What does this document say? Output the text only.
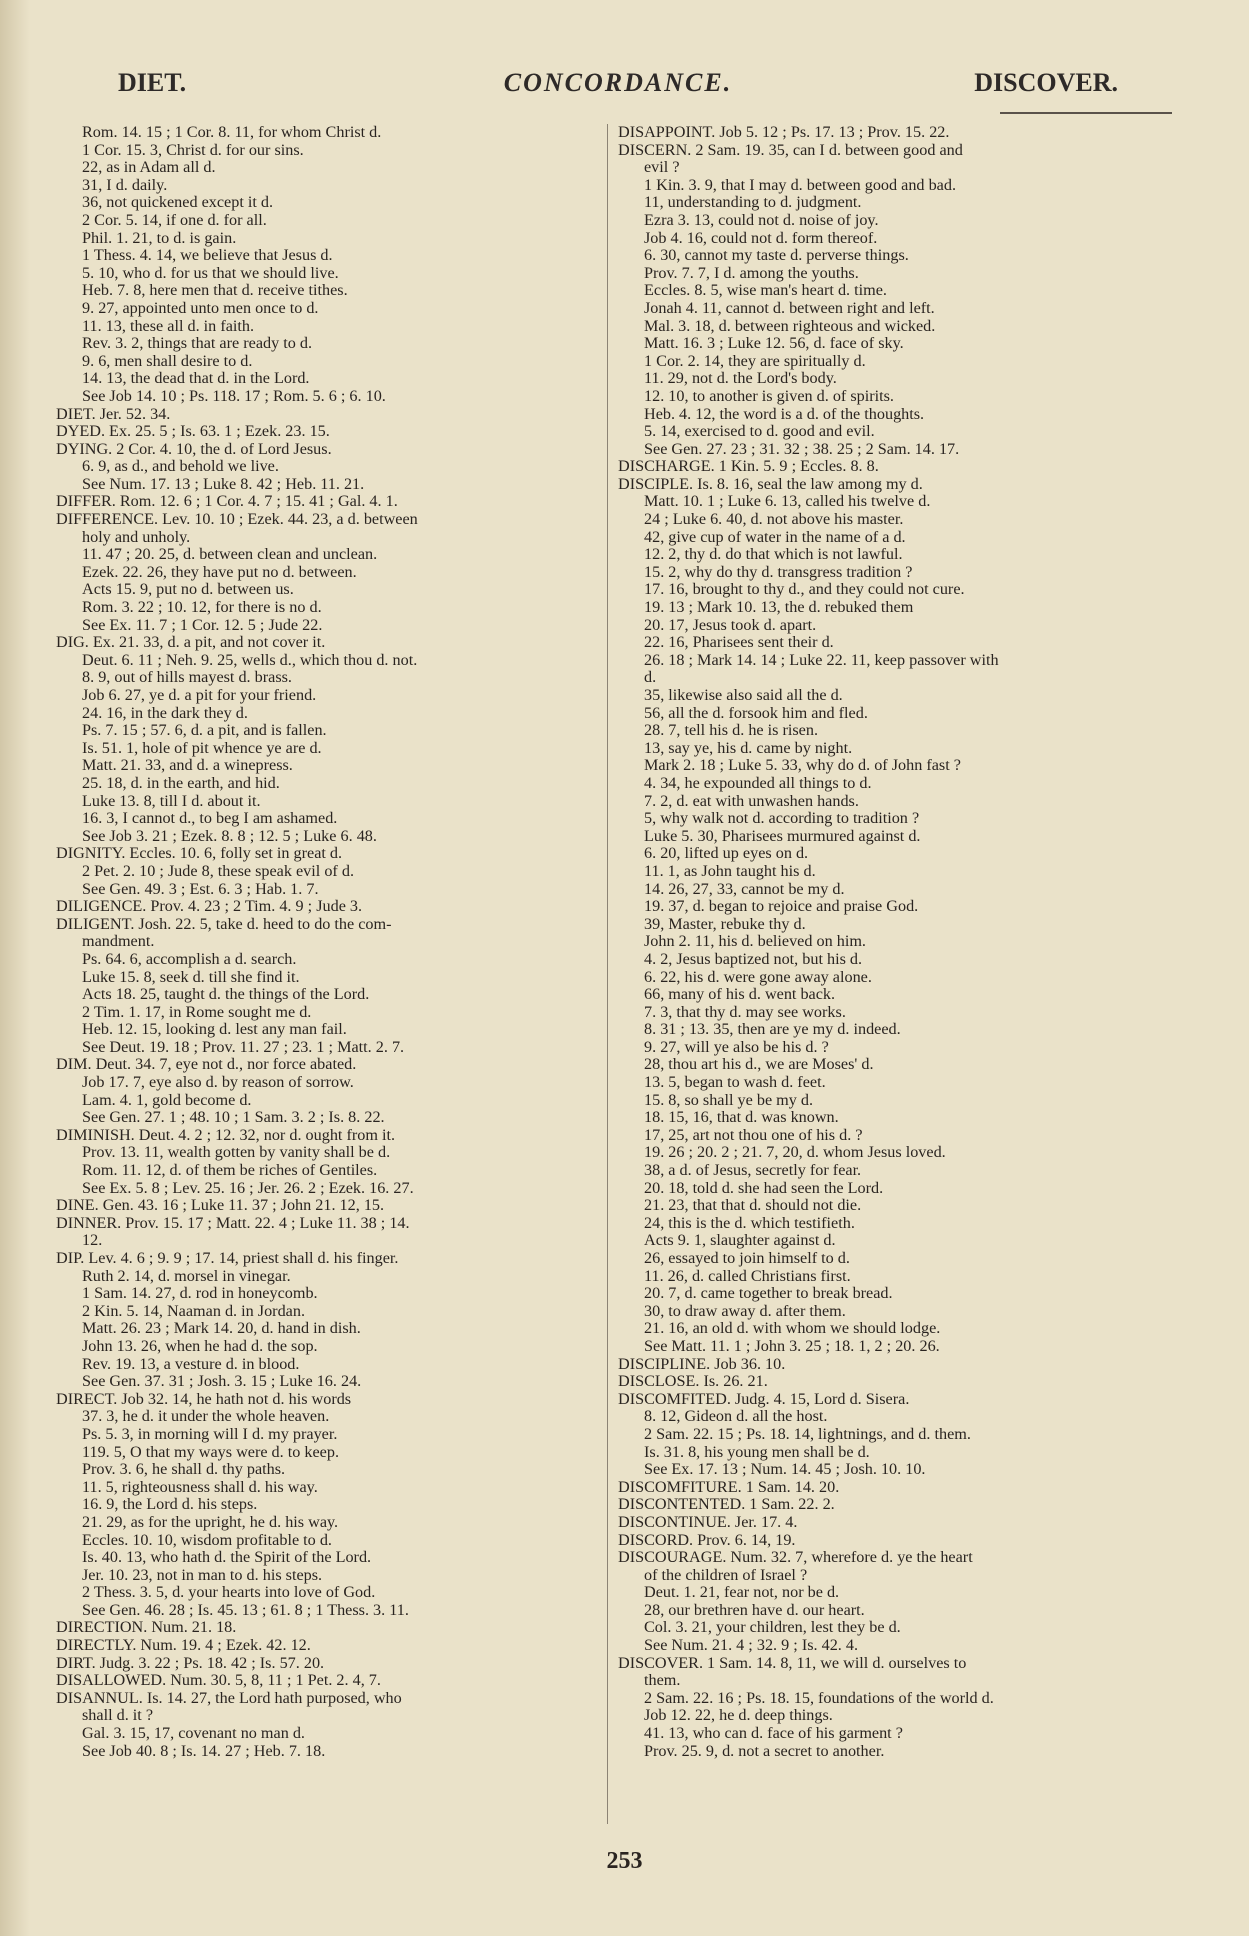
DIET.	CONCORDANCE.	DISCOVER.
Rom. 14. 15 ; 1 Cor. 8. 11, for whom Christ d.
1 Cor. 15. 3, Christ d. for our sins.
22, as in Adam all d.
31, I d. daily.
36, not quickened except it d.
2 Cor. 5. 14, if one d. for all.
Phil. 1. 21, to d. is gain.
1 Thess. 4. 14, we believe that Jesus d.
5. 10, who d. for us that we should live.
Heb. 7. 8, here men that d. receive tithes.
9. 27, appointed unto men once to d.
11. 13, these all d. in faith.
Rev. 3. 2, things that are ready to d.
9. 6, men shall desire to d.
14. 13, the dead that d. in the Lord.
See Job 14. 10 ; Ps. 118. 17 ; Rom. 5. 6 ; 6. 10.
DIET. Jer. 52. 34.
DYED. Ex. 25. 5 ; Is. 63. 1 ; Ezek. 23. 15.
DYING. 2 Cor. 4. 10, the d. of Lord Jesus.
6. 9, as d., and behold we live.
See Num. 17. 13 ; Luke 8. 42 ; Heb. 11. 21.
DIFFER. Rom. 12. 6 ; 1 Cor. 4. 7 ; 15. 41 ; Gal. 4. 1.
DIFFERENCE. Lev. 10. 10 ; Ezek. 44. 23, a d. between
holy and unholy.
11. 47 ; 20. 25, d. between clean and unclean.
Ezek. 22. 26, they have put no d. between.
Acts 15. 9, put no d. between us.
Rom. 3. 22 ; 10. 12, for there is no d.
See Ex. 11. 7 ; 1 Cor. 12. 5 ; Jude 22.
DIG. Ex. 21. 33, d. a pit, and not cover it.
Deut. 6. 11 ; Neh. 9. 25, wells d., which thou d. not.
8. 9, out of hills mayest d. brass.
Job 6. 27, ye d. a pit for your friend.
24. 16, in the dark they d.
Ps. 7. 15 ; 57. 6, d. a pit, and is fallen.
Is. 51. 1, hole of pit whence ye are d.
Matt. 21. 33, and d. a winepress.
25. 18, d. in the earth, and hid.
Luke 13. 8, till I d. about it.
16. 3, I cannot d., to beg I am ashamed.
See Job 3. 21 ; Ezek. 8. 8 ; 12. 5 ; Luke 6. 48.
DIGNITY. Eccles. 10. 6, folly set in great d.
2 Pet. 2. 10 ; Jude 8, these speak evil of d.
See Gen. 49. 3 ; Est. 6. 3 ; Hab. 1. 7.
DILIGENCE. Prov. 4. 23 ; 2 Tim. 4. 9 ; Jude 3.
DILIGENT. Josh. 22. 5, take d. heed to do the com-
mandment.
Ps. 64. 6, accomplish a d. search.
Luke 15. 8, seek d. till she find it.
Acts 18. 25, taught d. the things of the Lord.
2 Tim. 1. 17, in Rome sought me d.
Heb. 12. 15, looking d. lest any man fail.
See Deut. 19. 18 ; Prov. 11. 27 ; 23. 1 ; Matt. 2. 7.
DIM. Deut. 34. 7, eye not d., nor force abated.
Job 17. 7, eye also d. by reason of sorrow.
Lam. 4. 1, gold become d.
See Gen. 27. 1 ; 48. 10 ; 1 Sam. 3. 2 ; Is. 8. 22.
DIMINISH. Deut. 4. 2 ; 12. 32, nor d. ought from it.
Prov. 13. 11, wealth gotten by vanity shall be d.
Rom. 11. 12, d. of them be riches of Gentiles.
See Ex. 5. 8 ; Lev. 25. 16 ; Jer. 26. 2 ; Ezek. 16. 27.
DINE. Gen. 43. 16 ; Luke 11. 37 ; John 21. 12, 15.
DINNER. Prov. 15. 17 ; Matt. 22. 4 ; Luke 11. 38 ; 14.
12.
DIP. Lev. 4. 6 ; 9. 9 ; 17. 14, priest shall d. his finger.
Ruth 2. 14, d. morsel in vinegar.
1 Sam. 14. 27, d. rod in honeycomb.
2 Kin. 5. 14, Naaman d. in Jordan.
Matt. 26. 23 ; Mark 14. 20, d. hand in dish.
John 13. 26, when he had d. the sop.
Rev. 19. 13, a vesture d. in blood.
See Gen. 37. 31 ; Josh. 3. 15 ; Luke 16. 24.
DIRECT. Job 32. 14, he hath not d. his words
37. 3, he d. it under the whole heaven.
Ps. 5. 3, in morning will I d. my prayer.
119. 5, O that my ways were d. to keep.
Prov. 3. 6, he shall d. thy paths.
11. 5, righteousness shall d. his way.
16. 9, the Lord d. his steps.
21. 29, as for the upright, he d. his way.
Eccles. 10. 10, wisdom profitable to d.
Is. 40. 13, who hath d. the Spirit of the Lord.
Jer. 10. 23, not in man to d. his steps.
2 Thess. 3. 5, d. your hearts into love of God.
See Gen. 46. 28 ; Is. 45. 13 ; 61. 8 ; 1 Thess. 3. 11.
DIRECTION. Num. 21. 18.
DIRECTLY. Num. 19. 4 ; Ezek. 42. 12.
DIRT. Judg. 3. 22 ; Ps. 18. 42 ; Is. 57. 20.
DISALLOWED. Num. 30. 5, 8, 11 ; 1 Pet. 2. 4, 7.
DISANNUL. Is. 14. 27, the Lord hath purposed, who
shall d. it ?
Gal. 3. 15, 17, covenant no man d.
See Job 40. 8 ; Is. 14. 27 ; Heb. 7. 18.
DISAPPOINT. Job 5. 12 ; Ps. 17. 13 ; Prov. 15. 22.
DISCERN. 2 Sam. 19. 35, can I d. between good and
evil ?
1 Kin. 3. 9, that I may d. between good and bad.
11, understanding to d. judgment.
Ezra 3. 13, could not d. noise of joy.
Job 4. 16, could not d. form thereof.
6. 30, cannot my taste d. perverse things.
Prov. 7. 7, I d. among the youths.
Eccles. 8. 5, wise man's heart d. time.
Jonah 4. 11, cannot d. between right and left.
Mal. 3. 18, d. between righteous and wicked.
Matt. 16. 3 ; Luke 12. 56, d. face of sky.
1 Cor. 2. 14, they are spiritually d.
11. 29, not d. the Lord's body.
12. 10, to another is given d. of spirits.
Heb. 4. 12, the word is a d. of the thoughts.
5. 14, exercised to d. good and evil.
See Gen. 27. 23 ; 31. 32 ; 38. 25 ; 2 Sam. 14. 17.
DISCHARGE. 1 Kin. 5. 9 ; Eccles. 8. 8.
DISCIPLE. Is. 8. 16, seal the law among my d.
Matt. 10. 1 ; Luke 6. 13, called his twelve d.
24 ; Luke 6. 40, d. not above his master.
42, give cup of water in the name of a d.
12. 2, thy d. do that which is not lawful.
15. 2, why do thy d. transgress tradition ?
17. 16, brought to thy d., and they could not cure.
19. 13 ; Mark 10. 13, the d. rebuked them
20. 17, Jesus took d. apart.
22. 16, Pharisees sent their d.
26. 18 ; Mark 14. 14 ; Luke 22. 11, keep passover with
d.
35, likewise also said all the d.
56, all the d. forsook him and fled.
28. 7, tell his d. he is risen.
13, say ye, his d. came by night.
Mark 2. 18 ; Luke 5. 33, why do d. of John fast ?
4. 34, he expounded all things to d.
7. 2, d. eat with unwashen hands.
5, why walk not d. according to tradition ?
Luke 5. 30, Pharisees murmured against d.
6. 20, lifted up eyes on d.
11. 1, as John taught his d.
14. 26, 27, 33, cannot be my d.
19. 37, d. began to rejoice and praise God.
39, Master, rebuke thy d.
John 2. 11, his d. believed on him.
4. 2, Jesus baptized not, but his d.
6. 22, his d. were gone away alone.
66, many of his d. went back.
7. 3, that thy d. may see works.
8. 31 ; 13. 35, then are ye my d. indeed.
9. 27, will ye also be his d. ?
28, thou art his d., we are Moses' d.
13. 5, began to wash d. feet.
15. 8, so shall ye be my d.
18. 15, 16, that d. was known.
17, 25, art not thou one of his d. ?
19. 26 ; 20. 2 ; 21. 7, 20, d. whom Jesus loved.
38, a d. of Jesus, secretly for fear.
20. 18, told d. she had seen the Lord.
21. 23, that that d. should not die.
24, this is the d. which testifieth.
Acts 9. 1, slaughter against d.
26, essayed to join himself to d.
11. 26, d. called Christians first.
20. 7, d. came together to break bread.
30, to draw away d. after them.
21. 16, an old d. with whom we should lodge.
See Matt. 11. 1 ; John 3. 25 ; 18. 1, 2 ; 20. 26.
DISCIPLINE. Job 36. 10.
DISCLOSE. Is. 26. 21.
DISCOMFITED. Judg. 4. 15, Lord d. Sisera.
8. 12, Gideon d. all the host.
2 Sam. 22. 15 ; Ps. 18. 14, lightnings, and d. them.
Is. 31. 8, his young men shall be d.
See Ex. 17. 13 ; Num. 14. 45 ; Josh. 10. 10.
DISCOMFITURE. 1 Sam. 14. 20.
DISCONTENTED. 1 Sam. 22. 2.
DISCONTINUE. Jer. 17. 4.
DISCORD. Prov. 6. 14, 19.
DISCOURAGE. Num. 32. 7, wherefore d. ye the heart
of the children of Israel ?
Deut. 1. 21, fear not, nor be d.
28, our brethren have d. our heart.
Col. 3. 21, your children, lest they be d.
See Num. 21. 4 ; 32. 9 ; Is. 42. 4.
DISCOVER. 1 Sam. 14. 8, 11, we will d. ourselves to
them.
2 Sam. 22. 16 ; Ps. 18. 15, foundations of the world d.
Job 12. 22, he d. deep things.
41. 13, who can d. face of his garment ?
Prov. 25. 9, d. not a secret to another.
253
